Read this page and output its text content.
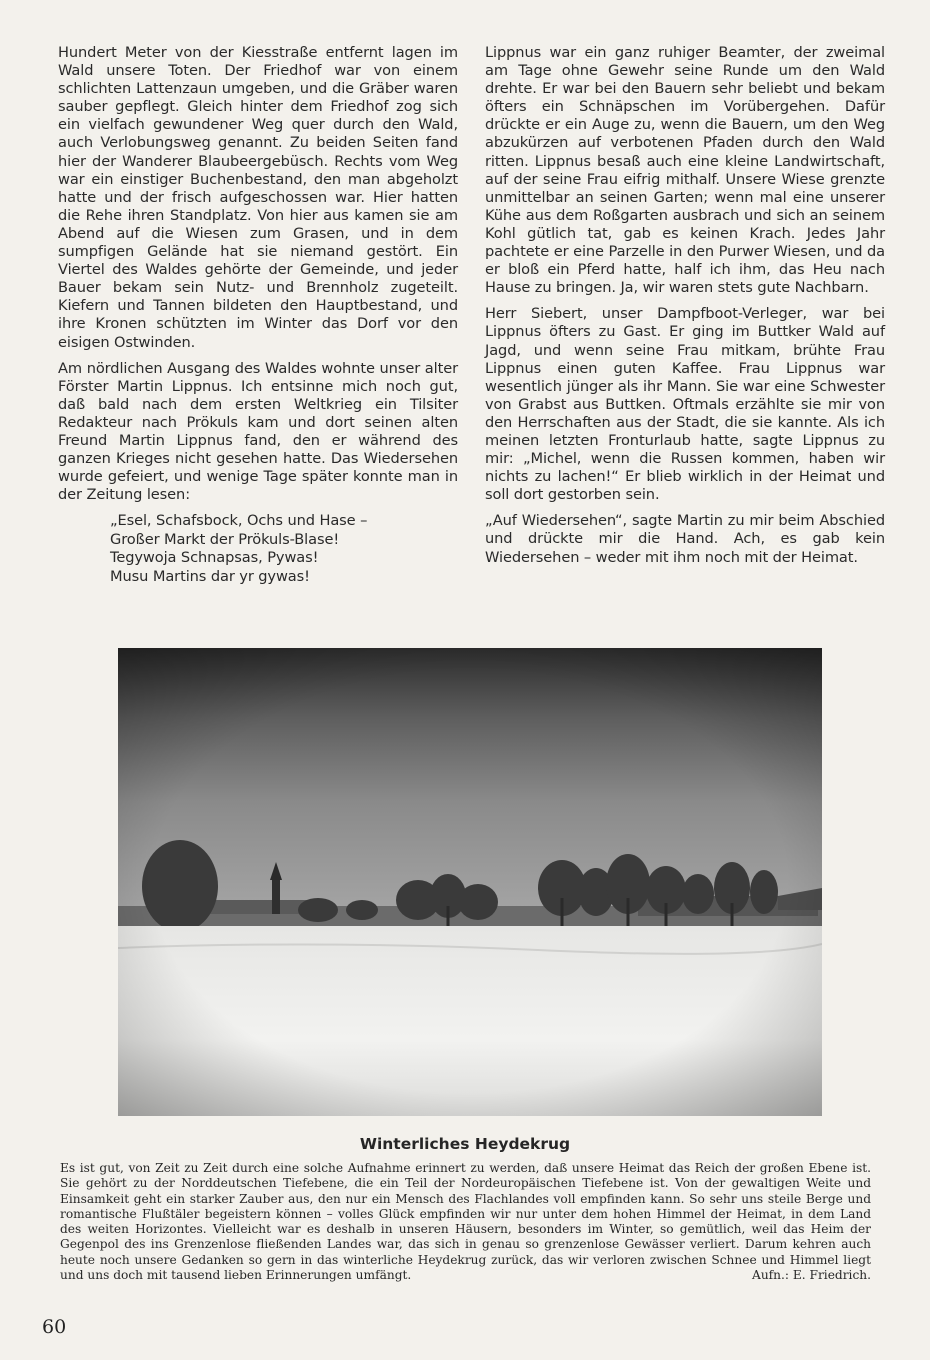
Hundert Meter von der Kiesstraße entfernt lagen im Wald unsere Toten. Der Friedhof war von einem schlichten Lattenzaun umgeben, und die Gräber waren sauber gepflegt. Gleich hinter dem Friedhof zog sich ein vielfach gewundener Weg quer durch den Wald, auch Verlobungsweg genannt. Zu beiden Seiten fand hier der Wanderer Blaubeergebüsch. Rechts vom Weg war ein einstiger Buchenbestand, den man abgeholzt hatte und der frisch aufgeschossen war. Hier hatten die Rehe ihren Standplatz. Von hier aus kamen sie am Abend auf die Wiesen zum Grasen, und in dem sumpfigen Gelände hat sie niemand gestört. Ein Viertel des Waldes gehörte der Gemeinde, und jeder Bauer bekam sein Nutz- und Brennholz zugeteilt. Kiefern und Tannen bildeten den Hauptbestand, und ihre Kronen schützten im Winter das Dorf vor den eisigen Ostwinden.

Am nördlichen Ausgang des Waldes wohnte unser alter Förster Martin Lippnus. Ich entsinne mich noch gut, daß bald nach dem ersten Weltkrieg ein Tilsiter Redakteur nach Prökuls kam und dort seinen alten Freund Martin Lippnus fand, den er während des ganzen Krieges nicht gesehen hatte. Das Wiedersehen wurde gefeiert, und wenige Tage später konnte man in der Zeitung lesen:

„Esel, Schafsbock, Ochs und Hase –
Großer Markt der Prökuls-Blase!
Tegywoja Schnapsas, Pywas!
Musu Martins dar yr gywas!

Lippnus war ein ganz ruhiger Beamter, der zweimal am Tage ohne Gewehr seine Runde um den Wald drehte. Er war bei den Bauern sehr beliebt und bekam öfters ein Schnäpschen im Vorübergehen. Dafür drückte er ein Auge zu, wenn die Bauern, um den Weg abzukürzen auf verbotenen Pfaden durch den Wald ritten. Lippnus besaß auch eine kleine Landwirtschaft, auf der seine Frau eifrig mithalf. Unsere Wiese grenzte unmittelbar an seinen Garten; wenn mal eine unserer Kühe aus dem Roßgarten ausbrach und sich an seinem Kohl gütlich tat, gab es keinen Krach. Jedes Jahr pachtete er eine Parzelle in den Purwer Wiesen, und da er bloß ein Pferd hatte, half ich ihm, das Heu nach Hause zu bringen. Ja, wir waren stets gute Nachbarn.

Herr Siebert, unser Dampfboot-Verleger, war bei Lippnus öfters zu Gast. Er ging im Buttker Wald auf Jagd, und wenn seine Frau mitkam, brühte Frau Lippnus einen guten Kaffee. Frau Lippnus war wesentlich jünger als ihr Mann. Sie war eine Schwester von Grabst aus Buttken. Oftmals erzählte sie mir von den Herrschaften aus der Stadt, die sie kannte. Als ich meinen letzten Fronturlaub hatte, sagte Lippnus zu mir: „Michel, wenn die Russen kommen, haben wir nichts zu lachen!“ Er blieb wirklich in der Heimat und soll dort gestorben sein.

„Auf Wiedersehen“, sagte Martin zu mir beim Abschied und drückte mir die Hand. Ach, es gab kein Wiedersehen – weder mit ihm noch mit der Heimat.

Winterliches Heydekrug
Es ist gut, von Zeit zu Zeit durch eine solche Aufnahme erinnert zu werden, daß unsere Heimat das Reich der großen Ebene ist. Sie gehört zu der Norddeutschen Tiefebene, die ein Teil der Nordeuropäischen Tiefebene ist. Von der gewaltigen Weite und Einsamkeit geht ein starker Zauber aus, den nur ein Mensch des Flachlandes voll empfinden kann. So sehr uns steile Berge und romantische Flußtäler begeistern können – volles Glück empfinden wir nur unter dem hohen Himmel der Heimat, in dem Land des weiten Horizontes. Vielleicht war es deshalb in unseren Häusern, besonders im Winter, so gemütlich, weil das Heim der Gegenpol des ins Grenzenlose fließenden Landes war, das sich in genau so grenzenlose Gewässer verliert. Darum kehren auch heute noch unsere Gedanken so gern in das winterliche Heydekrug zurück, das wir verloren zwischen Schnee und Himmel liegt und uns doch mit tausend lieben Erinnerungen umfängt.	Aufn.: E. Friedrich.
60
